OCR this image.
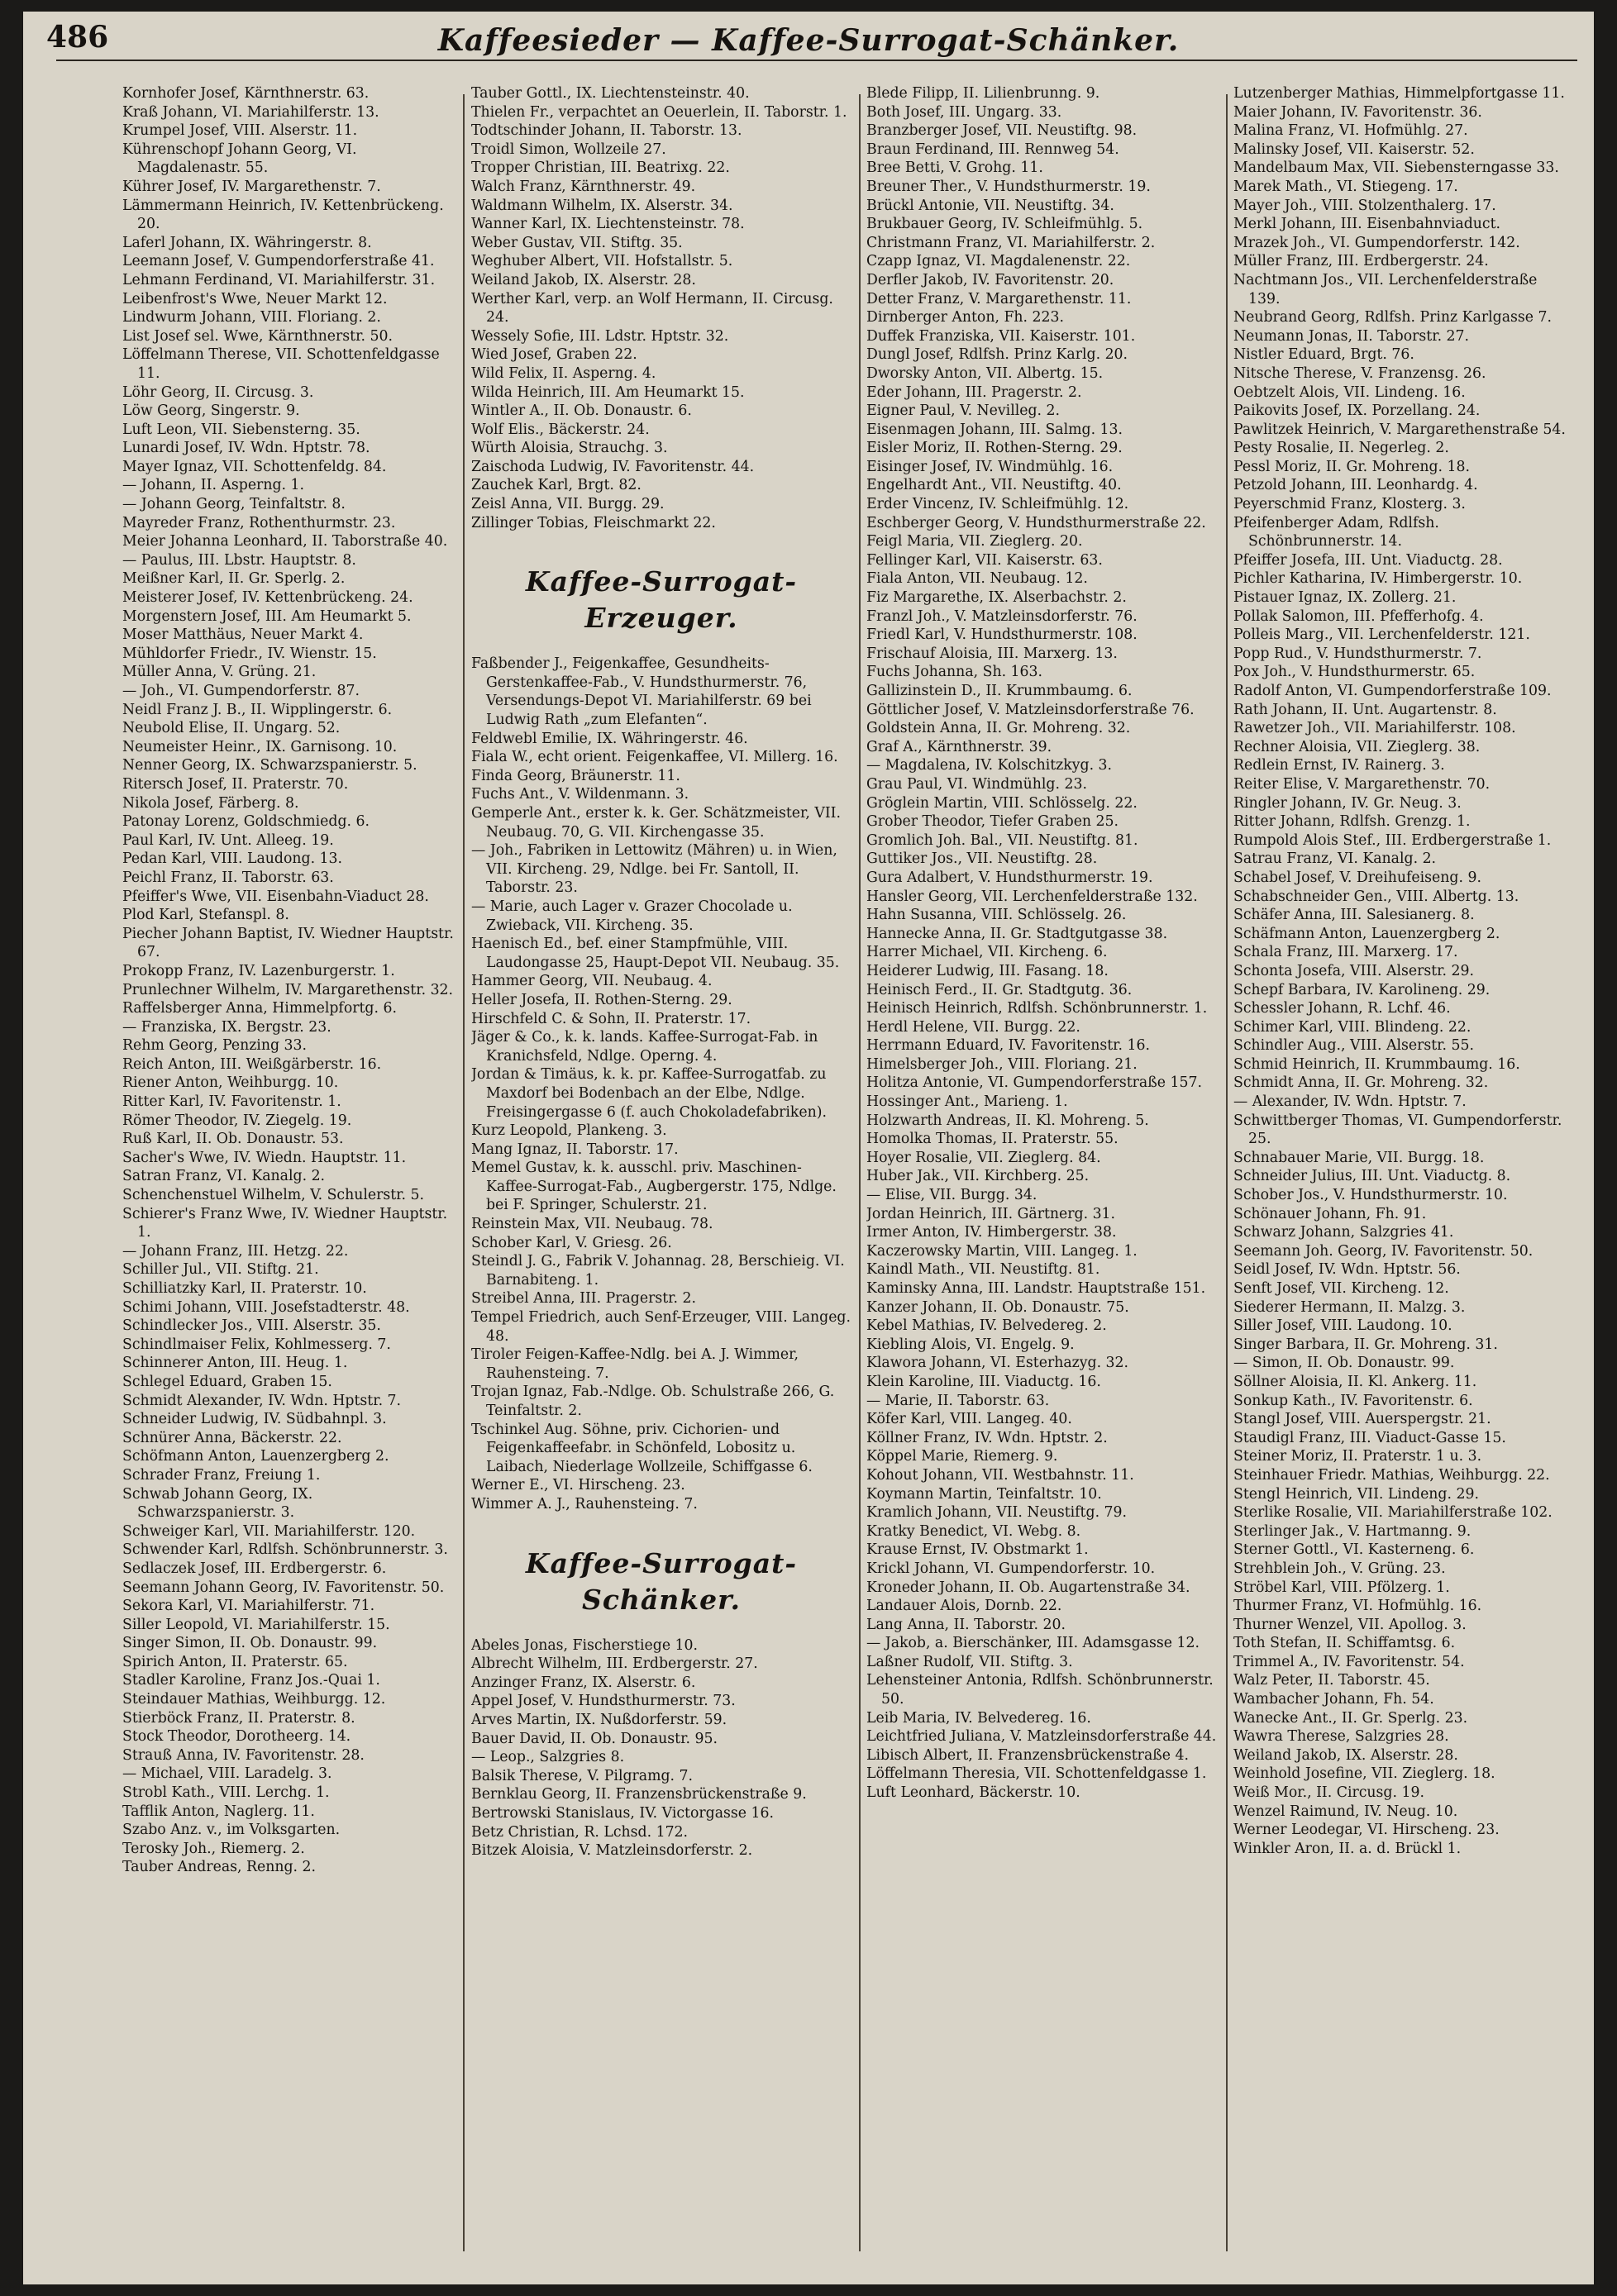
486	Kaffeesieder — Kaffee-Surrogat-Schänker.

Kornhofer Josef, Kärnthnerstr. 63.

Kraß Johann, VI. Mariahilferstr. 13.

Krumpel Josef, VIII. Alserstr. 11.

Kührenschopf Johann Georg, VI. Magdalenastr. 55.

Kührer Josef, IV. Margarethenstr. 7.

Lämmermann Heinrich, IV. Kettenbrückeng. 20.

Laferl Johann, IX. Währingerstr. 8.

Leemann Josef, V. Gumpendorferstraße 41.

Lehmann Ferdinand, VI. Mariahilferstr. 31.

Leibenfrost's Wwe, Neuer Markt 12.

Lindwurm Johann, VIII. Floriang. 2.

List Josef sel. Wwe, Kärnthnerstr. 50.

Löffelmann Therese, VII. Schottenfeldgasse 11.

Löhr Georg, II. Circusg. 3.

Löw Georg, Singerstr. 9.

Luft Leon, VII. Siebensterng. 35.

Lunardi Josef, IV. Wdn. Hptstr. 78.

Mayer Ignaz, VII. Schottenfeldg. 84.

— Johann, II. Asperng. 1.

— Johann Georg, Teinfaltstr. 8.

Mayreder Franz, Rothenthurmstr. 23.

Meier Johanna Leonhard, II. Taborstraße 40.

— Paulus, III. Lbstr. Hauptstr. 8.

Meißner Karl, II. Gr. Sperlg. 2.

Meisterer Josef, IV. Kettenbrückeng. 24.

Morgenstern Josef, III. Am Heumarkt 5.

Moser Matthäus, Neuer Markt 4.

Mühldorfer Friedr., IV. Wienstr. 15.

Müller Anna, V. Grüng. 21.

— Joh., VI. Gumpendorferstr. 87.

Neidl Franz J. B., II. Wipplingerstr. 6.

Neubold Elise, II. Ungarg. 52.

Neumeister Heinr., IX. Garnisong. 10.

Nenner Georg, IX. Schwarzspanierstr. 5.

Ritersch Josef, II. Praterstr. 70.

Nikola Josef, Färberg. 8.

Patonay Lorenz, Goldschmiedg. 6.

Paul Karl, IV. Unt. Alleeg. 19.

Pedan Karl, VIII. Laudong. 13.

Peichl Franz, II. Taborstr. 63.

Pfeiffer's Wwe, VII. Eisenbahn-Viaduct 28.

Plod Karl, Stefanspl. 8.

Piecher Johann Baptist, IV. Wiedner Hauptstr. 67.

Prokopp Franz, IV. Lazenburgerstr. 1.

Prunlechner Wilhelm, IV. Margarethenstr. 32.

Raffelsberger Anna, Himmelpfortg. 6.

— Franziska, IX. Bergstr. 23.

Rehm Georg, Penzing 33.

Reich Anton, III. Weißgärberstr. 16.

Riener Anton, Weihburgg. 10.

Ritter Karl, IV. Favoritenstr. 1.

Römer Theodor, IV. Ziegelg. 19.

Ruß Karl, II. Ob. Donaustr. 53.

Sacher's Wwe, IV. Wiedn. Hauptstr. 11.

Satran Franz, VI. Kanalg. 2.

Schenchenstuel Wilhelm, V. Schulerstr. 5.

Schierer's Franz Wwe, IV. Wiedner Hauptstr. 1.

— Johann Franz, III. Hetzg. 22.

Schiller Jul., VII. Stiftg. 21.

Schilliatzky Karl, II. Praterstr. 10.

Schimi Johann, VIII. Josefstadterstr. 48.

Schindlecker Jos., VIII. Alserstr. 35.

Schindlmaiser Felix, Kohlmesserg. 7.

Schinnerer Anton, III. Heug. 1.

Schlegel Eduard, Graben 15.

Schmidt Alexander, IV. Wdn. Hptstr. 7.

Schneider Ludwig, IV. Südbahnpl. 3.

Schnürer Anna, Bäckerstr. 22.

Schöfmann Anton, Lauenzergberg 2.

Schrader Franz, Freiung 1.

Schwab Johann Georg, IX. Schwarzspanierstr. 3.

Schweiger Karl, VII. Mariahilferstr. 120.

Schwender Karl, Rdlfsh. Schönbrunnerstr. 3.

Sedlaczek Josef, III. Erdbergerstr. 6.

Seemann Johann Georg, IV. Favoritenstr. 50.

Sekora Karl, VI. Mariahilferstr. 71.

Siller Leopold, VI. Mariahilferstr. 15.

Singer Simon, II. Ob. Donaustr. 99.

Spirich Anton, II. Praterstr. 65.

Stadler Karoline, Franz Jos.-Quai 1.

Steindauer Mathias, Weihburgg. 12.

Stierböck Franz, II. Praterstr. 8.

Stock Theodor, Dorotheerg. 14.

Strauß Anna, IV. Favoritenstr. 28.

— Michael, VIII. Laradelg. 3.

Strobl Kath., VIII. Lerchg. 1.

Tafflik Anton, Naglerg. 11.

Szabo Anz. v., im Volksgarten.

Terosky Joh., Riemerg. 2.

Tauber Andreas, Renng. 2.

Tauber Gottl., IX. Liechtensteinstr. 40.

Thielen Fr., verpachtet an Oeuerlein, II. Taborstr. 1.

Todtschinder Johann, II. Taborstr. 13.

Troidl Simon, Wollzeile 27.

Tropper Christian, III. Beatrixg. 22.

Walch Franz, Kärnthnerstr. 49.

Waldmann Wilhelm, IX. Alserstr. 34.

Wanner Karl, IX. Liechtensteinstr. 78.

Weber Gustav, VII. Stiftg. 35.

Weghuber Albert, VII. Hofstallstr. 5.

Weiland Jakob, IX. Alserstr. 28.

Werther Karl, verp. an Wolf Hermann, II. Circusg. 24.

Wessely Sofie, III. Ldstr. Hptstr. 32.

Wied Josef, Graben 22.

Wild Felix, II. Asperng. 4.

Wilda Heinrich, III. Am Heumarkt 15.

Wintler A., II. Ob. Donaustr. 6.

Wolf Elis., Bäckerstr. 24.

Würth Aloisia, Strauchg. 3.

Zaischoda Ludwig, IV. Favoritenstr. 44.

Zauchek Karl, Brgt. 82.

Zeisl Anna, VII. Burgg. 29.

Zillinger Tobias, Fleischmarkt 22.

Kaffee-Surrogat-
Erzeuger.

Faßbender J., Feigenkaffee, Gesundheits-Gerstenkaffee-Fab., V. Hundsthurmerstr. 76, Versendungs-Depot VI. Mariahilferstr. 69 bei Ludwig Rath „zum Elefanten“.

Feldwebl Emilie, IX. Währingerstr. 46.

Fiala W., echt orient. Feigenkaffee, VI. Millerg. 16.

Finda Georg, Bräunerstr. 11.

Fuchs Ant., V. Wildenmann. 3.

Gemperle Ant., erster k. k. Ger. Schätzmeister, VII. Neubaug. 70, G. VII. Kirchengasse 35.

— Joh., Fabriken in Lettowitz (Mähren) u. in Wien, VII. Kircheng. 29, Ndlge. bei Fr. Santoll, II. Taborstr. 23.

— Marie, auch Lager v. Grazer Chocolade u. Zwieback, VII. Kircheng. 35.

Haenisch Ed., bef. einer Stampfmühle, VIII. Laudongasse 25, Haupt-Depot VII. Neubaug. 35.

Hammer Georg, VII. Neubaug. 4.

Heller Josefa, II. Rothen-Sterng. 29.

Hirschfeld C. & Sohn, II. Praterstr. 17.

Jäger & Co., k. k. lands. Kaffee-Surrogat-Fab. in Kranichsfeld, Ndlge. Operng. 4.

Jordan & Timäus, k. k. pr. Kaffee-Surrogatfab. zu Maxdorf bei Bodenbach an der Elbe, Ndlge. Freisingergasse 6 (f. auch Chokoladefabriken).

Kurz Leopold, Plankeng. 3.

Mang Ignaz, II. Taborstr. 17.

Memel Gustav, k. k. ausschl. priv. Maschinen-Kaffee-Surrogat-Fab., Augbergerstr. 175, Ndlge. bei F. Springer, Schulerstr. 21.

Reinstein Max, VII. Neubaug. 78.

Schober Karl, V. Griesg. 26.

Steindl J. G., Fabrik V. Johannag. 28, Berschieig. VI. Barnabiteng. 1.

Streibel Anna, III. Pragerstr. 2.

Tempel Friedrich, auch Senf-Erzeuger, VIII. Langeg. 48.

Tiroler Feigen-Kaffee-Ndlg. bei A. J. Wimmer, Rauhensteing. 7.

Trojan Ignaz, Fab.-Ndlge. Ob. Schulstraße 266, G. Teinfaltstr. 2.

Tschinkel Aug. Söhne, priv. Cichorien- und Feigenkaffeefabr. in Schönfeld, Lobositz u. Laibach, Niederlage Wollzeile, Schiffgasse 6.

Werner E., VI. Hirscheng. 23.

Wimmer A. J., Rauhensteing. 7.

Kaffee-Surrogat-
Schänker.

Abeles Jonas, Fischerstiege 10.

Albrecht Wilhelm, III. Erdbergerstr. 27.

Anzinger Franz, IX. Alserstr. 6.

Appel Josef, V. Hundsthurmerstr. 73.

Arves Martin, IX. Nußdorferstr. 59.

Bauer David, II. Ob. Donaustr. 95.

— Leop., Salzgries 8.

Balsik Therese, V. Pilgramg. 7.

Bernklau Georg, II. Franzensbrückenstraße 9.

Bertrowski Stanislaus, IV. Victorgasse 16.

Betz Christian, R. Lchsd. 172.

Bitzek Aloisia, V. Matzleinsdorferstr. 2.

Blede Filipp, II. Lilienbrunng. 9.

Both Josef, III. Ungarg. 33.

Branzberger Josef, VII. Neustiftg. 98.

Braun Ferdinand, III. Rennweg 54.

Bree Betti, V. Grohg. 11.

Breuner Ther., V. Hundsthurmerstr. 19.

Brückl Antonie, VII. Neustiftg. 34.

Brukbauer Georg, IV. Schleifmühlg. 5.

Christmann Franz, VI. Mariahilferstr. 2.

Czapp Ignaz, VI. Magdalenenstr. 22.

Derfler Jakob, IV. Favoritenstr. 20.

Detter Franz, V. Margarethenstr. 11.

Dirnberger Anton, Fh. 223.

Duffek Franziska, VII. Kaiserstr. 101.

Dungl Josef, Rdlfsh. Prinz Karlg. 20.

Dworsky Anton, VII. Albertg. 15.

Eder Johann, III. Pragerstr. 2.

Eigner Paul, V. Nevilleg. 2.

Eisenmagen Johann, III. Salmg. 13.

Eisler Moriz, II. Rothen-Sterng. 29.

Eisinger Josef, IV. Windmühlg. 16.

Engelhardt Ant., VII. Neustiftg. 40.

Erder Vincenz, IV. Schleifmühlg. 12.

Eschberger Georg, V. Hundsthurmerstraße 22.

Feigl Maria, VII. Zieglerg. 20.

Fellinger Karl, VII. Kaiserstr. 63.

Fiala Anton, VII. Neubaug. 12.

Fiz Margarethe, IX. Alserbachstr. 2.

Franzl Joh., V. Matzleinsdorferstr. 76.

Friedl Karl, V. Hundsthurmerstr. 108.

Frischauf Aloisia, III. Marxerg. 13.

Fuchs Johanna, Sh. 163.

Gallizinstein D., II. Krummbaumg. 6.

Göttlicher Josef, V. Matzleinsdorferstraße 76.

Goldstein Anna, II. Gr. Mohreng. 32.

Graf A., Kärnthnerstr. 39.

— Magdalena, IV. Kolschitzkyg. 3.

Grau Paul, VI. Windmühlg. 23.

Gröglein Martin, VIII. Schlösselg. 22.

Grober Theodor, Tiefer Graben 25.

Gromlich Joh. Bal., VII. Neustiftg. 81.

Guttiker Jos., VII. Neustiftg. 28.

Gura Adalbert, V. Hundsthurmerstr. 19.

Hansler Georg, VII. Lerchenfelderstraße 132.

Hahn Susanna, VIII. Schlösselg. 26.

Hannecke Anna, II. Gr. Stadtgutgasse 38.

Harrer Michael, VII. Kircheng. 6.

Heiderer Ludwig, III. Fasang. 18.

Heinisch Ferd., II. Gr. Stadtgutg. 36.

Heinisch Heinrich, Rdlfsh. Schönbrunnerstr. 1.

Herdl Helene, VII. Burgg. 22.

Herrmann Eduard, IV. Favoritenstr. 16.

Himelsberger Joh., VIII. Floriang. 21.

Holitza Antonie, VI. Gumpendorferstraße 157.

Hossinger Ant., Marieng. 1.

Holzwarth Andreas, II. Kl. Mohreng. 5.

Homolka Thomas, II. Praterstr. 55.

Hoyer Rosalie, VII. Zieglerg. 84.

Huber Jak., VII. Kirchberg. 25.

— Elise, VII. Burgg. 34.

Jordan Heinrich, III. Gärtnerg. 31.

Irmer Anton, IV. Himbergerstr. 38.

Kaczerowsky Martin, VIII. Langeg. 1.

Kaindl Math., VII. Neustiftg. 81.

Kaminsky Anna, III. Landstr. Hauptstraße 151.

Kanzer Johann, II. Ob. Donaustr. 75.

Kebel Mathias, IV. Belvedereg. 2.

Kiebling Alois, VI. Engelg. 9.

Klawora Johann, VI. Esterhazyg. 32.

Klein Karoline, III. Viaductg. 16.

— Marie, II. Taborstr. 63.

Köfer Karl, VIII. Langeg. 40.

Köllner Franz, IV. Wdn. Hptstr. 2.

Köppel Marie, Riemerg. 9.

Kohout Johann, VII. Westbahnstr. 11.

Koymann Martin, Teinfaltstr. 10.

Kramlich Johann, VII. Neustiftg. 79.

Kratky Benedict, VI. Webg. 8.

Krause Ernst, IV. Obstmarkt 1.

Krickl Johann, VI. Gumpendorferstr. 10.

Kroneder Johann, II. Ob. Augartenstraße 34.

Landauer Alois, Dornb. 22.

Lang Anna, II. Taborstr. 20.

— Jakob, a. Bierschänker, III. Adamsgasse 12.

Laßner Rudolf, VII. Stiftg. 3.

Lehensteiner Antonia, Rdlfsh. Schönbrunnerstr. 50.

Leib Maria, IV. Belvedereg. 16.

Leichtfried Juliana, V. Matzleinsdorferstraße 44.

Libisch Albert, II. Franzensbrückenstraße 4.

Löffelmann Theresia, VII. Schottenfeldgasse 1.

Luft Leonhard, Bäckerstr. 10.

Lutzenberger Mathias, Himmelpfortgasse 11.

Maier Johann, IV. Favoritenstr. 36.

Malina Franz, VI. Hofmühlg. 27.

Malinsky Josef, VII. Kaiserstr. 52.

Mandelbaum Max, VII. Siebensterngasse 33.

Marek Math., VI. Stiegeng. 17.

Mayer Joh., VIII. Stolzenthalerg. 17.

Merkl Johann, III. Eisenbahnviaduct.

Mrazek Joh., VI. Gumpendorferstr. 142.

Müller Franz, III. Erdbergerstr. 24.

Nachtmann Jos., VII. Lerchenfelderstraße 139.

Neubrand Georg, Rdlfsh. Prinz Karlgasse 7.

Neumann Jonas, II. Taborstr. 27.

Nistler Eduard, Brgt. 76.

Nitsche Therese, V. Franzensg. 26.

Oebtzelt Alois, VII. Lindeng. 16.

Paikovits Josef, IX. Porzellang. 24.

Pawlitzek Heinrich, V. Margarethenstraße 54.

Pesty Rosalie, II. Negerleg. 2.

Pessl Moriz, II. Gr. Mohreng. 18.

Petzold Johann, III. Leonhardg. 4.

Peyerschmid Franz, Klosterg. 3.

Pfeifenberger Adam, Rdlfsh. Schönbrunnerstr. 14.

Pfeiffer Josefa, III. Unt. Viaductg. 28.

Pichler Katharina, IV. Himbergerstr. 10.

Pistauer Ignaz, IX. Zollerg. 21.

Pollak Salomon, III. Pfefferhofg. 4.

Polleis Marg., VII. Lerchenfelderstr. 121.

Popp Rud., V. Hundsthurmerstr. 7.

Pox Joh., V. Hundsthurmerstr. 65.

Radolf Anton, VI. Gumpendorferstraße 109.

Rath Johann, II. Unt. Augartenstr. 8.

Rawetzer Joh., VII. Mariahilferstr. 108.

Rechner Aloisia, VII. Zieglerg. 38.

Redlein Ernst, IV. Rainerg. 3.

Reiter Elise, V. Margarethenstr. 70.

Ringler Johann, IV. Gr. Neug. 3.

Ritter Johann, Rdlfsh. Grenzg. 1.

Rumpold Alois Stef., III. Erdbergerstraße 1.

Satrau Franz, VI. Kanalg. 2.

Schabel Josef, V. Dreihufeiseng. 9.

Schabschneider Gen., VIII. Albertg. 13.

Schäfer Anna, III. Salesianerg. 8.

Schäfmann Anton, Lauenzergberg 2.

Schala Franz, III. Marxerg. 17.

Schonta Josefa, VIII. Alserstr. 29.

Schepf Barbara, IV. Karolineng. 29.

Schessler Johann, R. Lchf. 46.

Schimer Karl, VIII. Blindeng. 22.

Schindler Aug., VIII. Alserstr. 55.

Schmid Heinrich, II. Krummbaumg. 16.

Schmidt Anna, II. Gr. Mohreng. 32.

— Alexander, IV. Wdn. Hptstr. 7.

Schwittberger Thomas, VI. Gumpendorferstr. 25.

Schnabauer Marie, VII. Burgg. 18.

Schneider Julius, III. Unt. Viaductg. 8.

Schober Jos., V. Hundsthurmerstr. 10.

Schönauer Johann, Fh. 91.

Schwarz Johann, Salzgries 41.

Seemann Joh. Georg, IV. Favoritenstr. 50.

Seidl Josef, IV. Wdn. Hptstr. 56.

Senft Josef, VII. Kircheng. 12.

Siederer Hermann, II. Malzg. 3.

Siller Josef, VIII. Laudong. 10.

Singer Barbara, II. Gr. Mohreng. 31.

— Simon, II. Ob. Donaustr. 99.

Söllner Aloisia, II. Kl. Ankerg. 11.

Sonkup Kath., IV. Favoritenstr. 6.

Stangl Josef, VIII. Auerspergstr. 21.

Staudigl Franz, III. Viaduct-Gasse 15.

Steiner Moriz, II. Praterstr. 1 u. 3.

Steinhauer Friedr. Mathias, Weihburgg. 22.

Stengl Heinrich, VII. Lindeng. 29.

Sterlike Rosalie, VII. Mariahilferstraße 102.

Sterlinger Jak., V. Hartmanng. 9.

Sterner Gottl., VI. Kasterneng. 6.

Strehblein Joh., V. Grüng. 23.

Ströbel Karl, VIII. Pfölzerg. 1.

Thurmer Franz, VI. Hofmühlg. 16.

Thurner Wenzel, VII. Apollog. 3.

Toth Stefan, II. Schiffamtsg. 6.

Trimmel A., IV. Favoritenstr. 54.

Walz Peter, II. Taborstr. 45.

Wambacher Johann, Fh. 54.

Wanecke Ant., II. Gr. Sperlg. 23.

Wawra Therese, Salzgries 28.

Weiland Jakob, IX. Alserstr. 28.

Weinhold Josefine, VII. Zieglerg. 18.

Weiß Mor., II. Circusg. 19.

Wenzel Raimund, IV. Neug. 10.

Werner Leodegar, VI. Hirscheng. 23.

Winkler Aron, II. a. d. Brückl 1.
